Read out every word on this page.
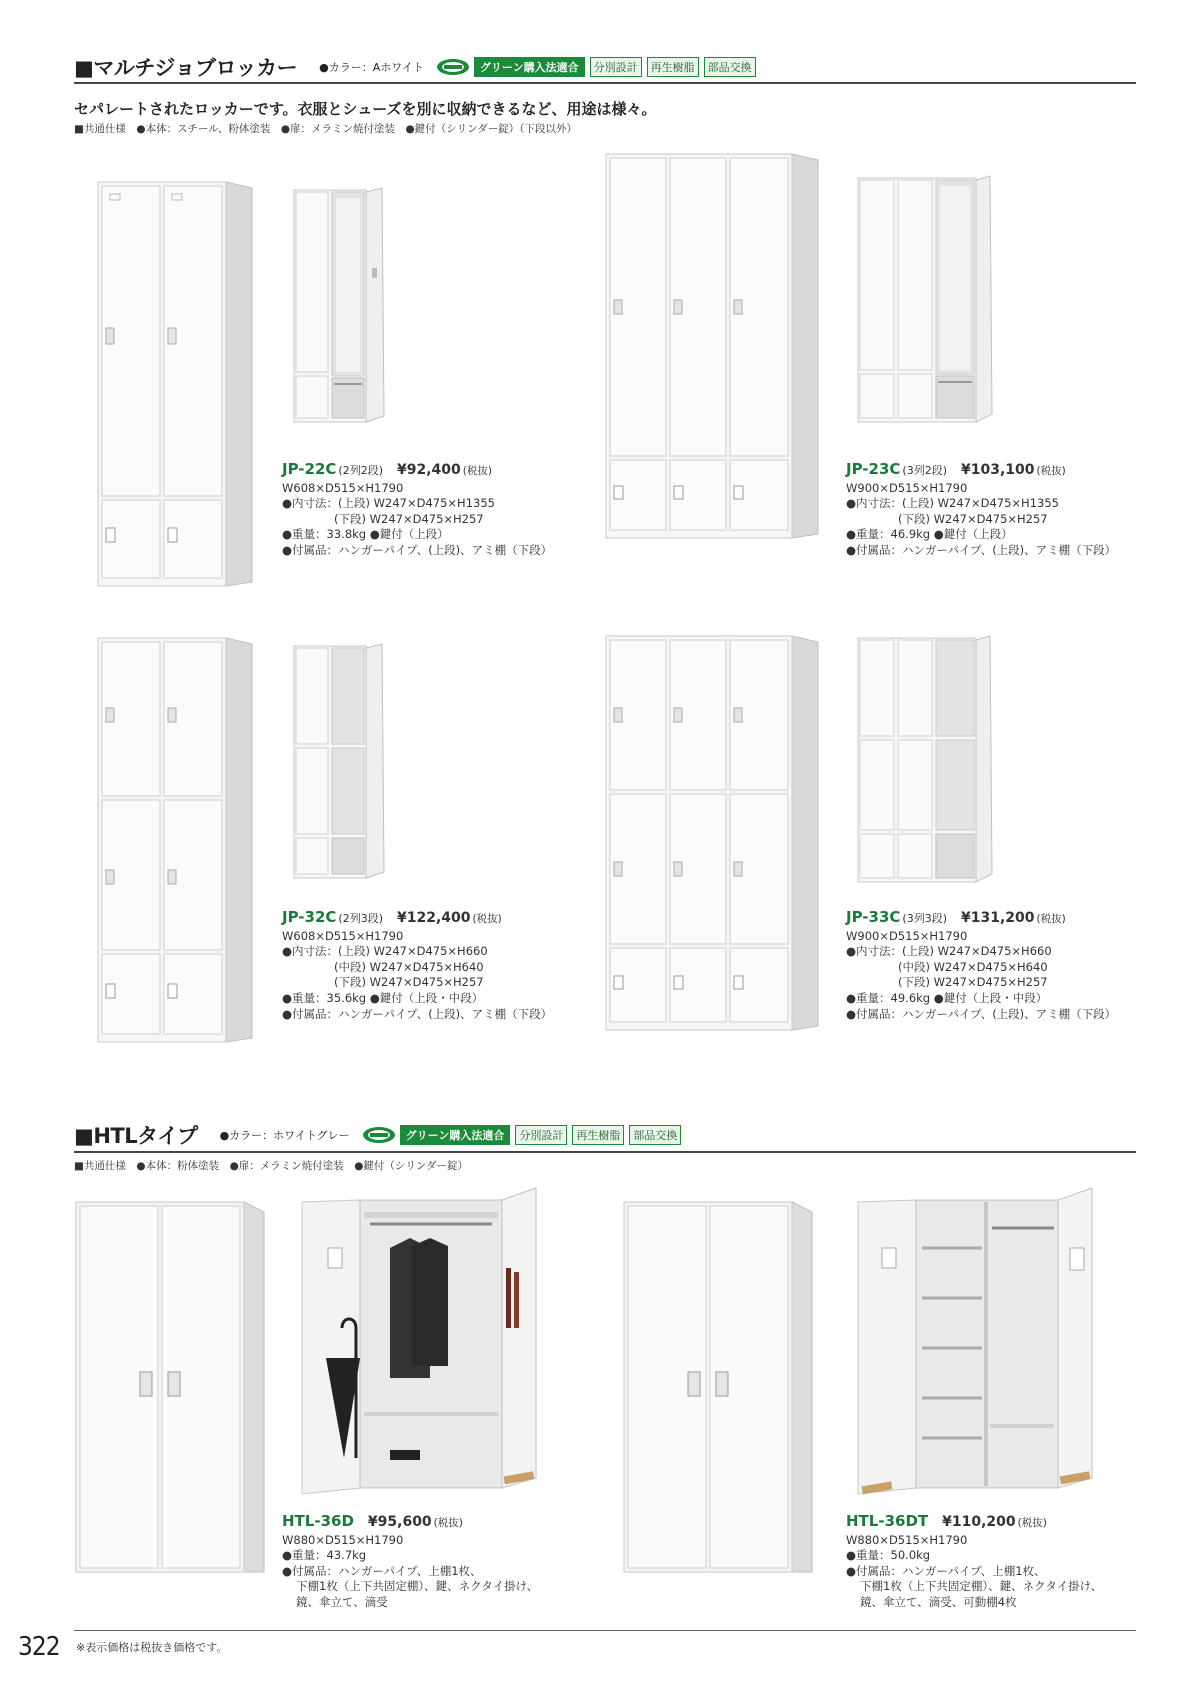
■マルチジョブロッカー ●カラー：Aホワイト	グリーン購入法適合	分別設計	再生樹脂	部品交換
セパレートされたロッカーです。衣服とシューズを別に収納できるなど、用途は様々。
■共通仕様　●本体：スチール、粉体塗装　●扉：メラミン焼付塗装　●鍵付（シリンダー錠）（下段以外）
JP-22C (2列2段) ¥92,400 (税抜)
W608×D515×H1790
●内寸法：(上段) W247×D475×H1355
(下段) W247×D475×H257
●重量：33.8kg ●鍵付（上段）
●付属品：ハンガーパイプ、(上段)、アミ棚（下段）
JP-23C (3列2段) ¥103,100 (税抜)
W900×D515×H1790
●内寸法：(上段) W247×D475×H1355
(下段) W247×D475×H257
●重量：46.9kg ●鍵付（上段）
●付属品：ハンガーパイプ、(上段)、アミ棚（下段）
JP-32C (2列3段) ¥122,400 (税抜)
W608×D515×H1790
●内寸法：(上段) W247×D475×H660
(中段) W247×D475×H640
(下段) W247×D475×H257
●重量：35.6kg ●鍵付（上段・中段）
●付属品：ハンガーパイプ、(上段)、アミ棚（下段）
JP-33C (3列3段) ¥131,200 (税抜)
W900×D515×H1790
●内寸法：(上段) W247×D475×H660
(中段) W247×D475×H640
(下段) W247×D475×H257
●重量：49.6kg ●鍵付（上段・中段）
●付属品：ハンガーパイプ、(上段)、アミ棚（下段）
■HTLタイプ ●カラー：ホワイトグレー	グリーン購入法適合	分別設計	再生樹脂	部品交換
■共通仕様　●本体：粉体塗装　●扉：メラミン焼付塗装　●鍵付（シリンダー錠）
HTL-36D ¥95,600 (税抜)
W880×D515×H1790
●重量：43.7kg
●付属品：ハンガーパイプ、上棚1枚、
下棚1枚（上下共固定棚）、鍵、ネクタイ掛け、
鏡、傘立て、滴受
HTL-36DT ¥110,200 (税抜)
W880×D515×H1790
●重量：50.0kg
●付属品：ハンガーパイプ、上棚1枚、
下棚1枚（上下共固定棚）、鍵、ネクタイ掛け、
鏡、傘立て、滴受、可動棚4枚
322 ※表示価格は税抜き価格です。
